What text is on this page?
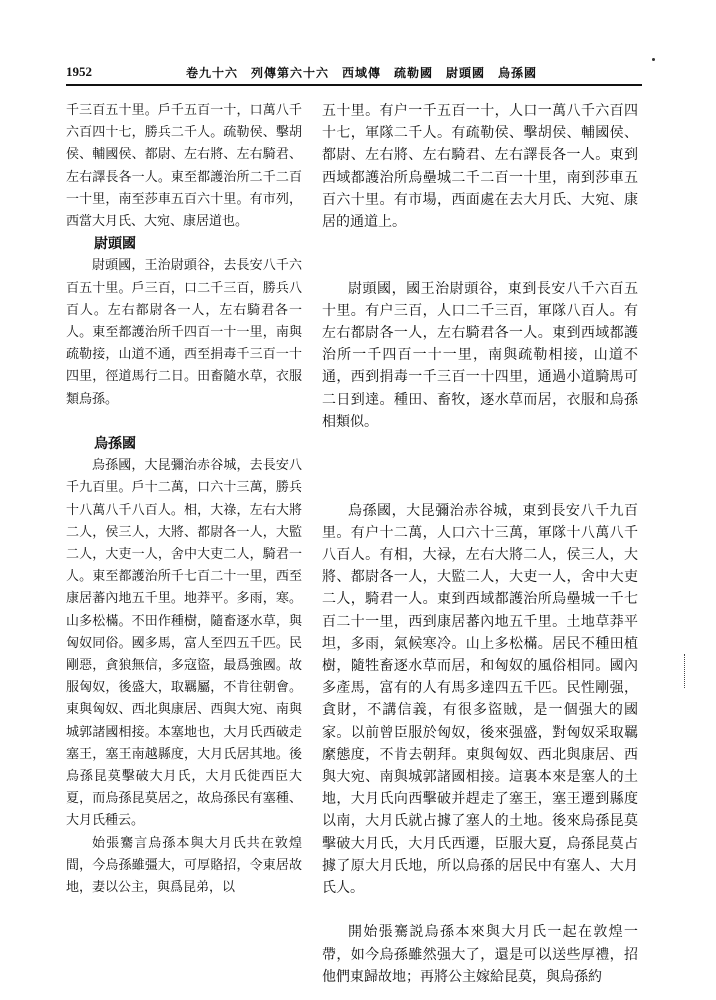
1952	卷九十六　列傳第六十六　西域傳　疏勒國　尉頭國　烏孫國

千三百五十里。戶千五百一十，口萬八千六百四十七，勝兵二千人。疏勒侯、擊胡侯、輔國侯、都尉、左右將、左右騎君、左右譯長各一人。東至都護治所二千二百一十里，南至莎車五百六十里。有市列，西當大月氏、大宛、康居道也。

尉頭國

尉頭國，王治尉頭谷，去長安八千六百五十里。戶三百，口二千三百，勝兵八百人。左右都尉各一人，左右騎君各一人。東至都護治所千四百一十一里，南與疏勒接，山道不通，西至捐毒千三百一十四里，徑道馬行二日。田畜隨水草，衣服類烏孫。

烏孫國

烏孫國，大昆彌治赤谷城，去長安八千九百里。戶十二萬，口六十三萬，勝兵十八萬八千八百人。相，大祿，左右大將二人，侯三人，大將、都尉各一人，大監二人，大吏一人，舍中大吏二人，騎君一人。東至都護治所千七百二十一里，西至康居蕃內地五千里。地莽平。多雨，寒。山多松樠。不田作種樹，隨畜逐水草，與匈奴同俗。國多馬，富人至四五千匹。民剛惡，貪狼無信，多寇盜，最爲強國。故服匈奴，後盛大，取羈屬，不肯往朝會。東與匈奴、西北與康居、西與大宛、南與城郭諸國相接。本塞地也，大月氏西破走塞王，塞王南越縣度，大月氏居其地。後烏孫昆莫擊破大月氏，大月氏徙西臣大夏，而烏孫昆莫居之，故烏孫民有塞種、大月氏種云。

始張騫言烏孫本與大月氏共在敦煌間，今烏孫雖彊大，可厚賂招，令東居故地，妻以公主，與爲昆弟，以

五十里。有户一千五百一十，人口一萬八千六百四十七，軍隊二千人。有疏勒侯、擊胡侯、輔國侯、都尉、左右將、左右騎君、左右譯長各一人。東到西域都護治所烏壘城二千二百一十里，南到莎車五百六十里。有市場，西面處在去大月氏、大宛、康居的通道上。

尉頭國，國王治尉頭谷，東到長安八千六百五十里。有户三百，人口二千三百，軍隊八百人。有左右都尉各一人，左右騎君各一人。東到西域都護治所一千四百一十一里，南與疏勒相接，山道不通，西到捐毒一千三百一十四里，通過小道騎馬可二日到達。種田、畜牧，逐水草而居，衣服和烏孫相類似。

烏孫國，大昆彌治赤谷城，東到長安八千九百里。有户十二萬，人口六十三萬，軍隊十八萬八千八百人。有相，大禄，左右大將二人，侯三人，大將、都尉各一人，大監二人，大吏一人，舍中大吏二人，騎君一人。東到西域都護治所烏壘城一千七百二十一里，西到康居蕃內地五千里。土地草莽平坦，多雨，氣候寒冷。山上多松樠。居民不種田植樹，隨牲畜逐水草而居，和匈奴的風俗相同。國內多產馬，富有的人有馬多達四五千匹。民性剛强，貪財，不講信義，有很多盜賊，是一個强大的國家。以前曾臣服於匈奴，後來强盛，對匈奴采取羈縻態度，不肯去朝拜。東與匈奴、西北與康居、西與大宛、南與城郭諸國相接。這裏本來是塞人的土地，大月氏向西擊破并趕走了塞王，塞王遷到縣度以南，大月氏就占據了塞人的土地。後來烏孫昆莫擊破大月氏，大月氏西遷，臣服大夏，烏孫昆莫占據了原大月氏地，所以烏孫的居民中有塞人、大月氏人。

開始張騫説烏孫本來與大月氏一起在敦煌一帶，如今烏孫雖然强大了，還是可以送些厚禮，招他們東歸故地；再將公主嫁給昆莫，與烏孫約
